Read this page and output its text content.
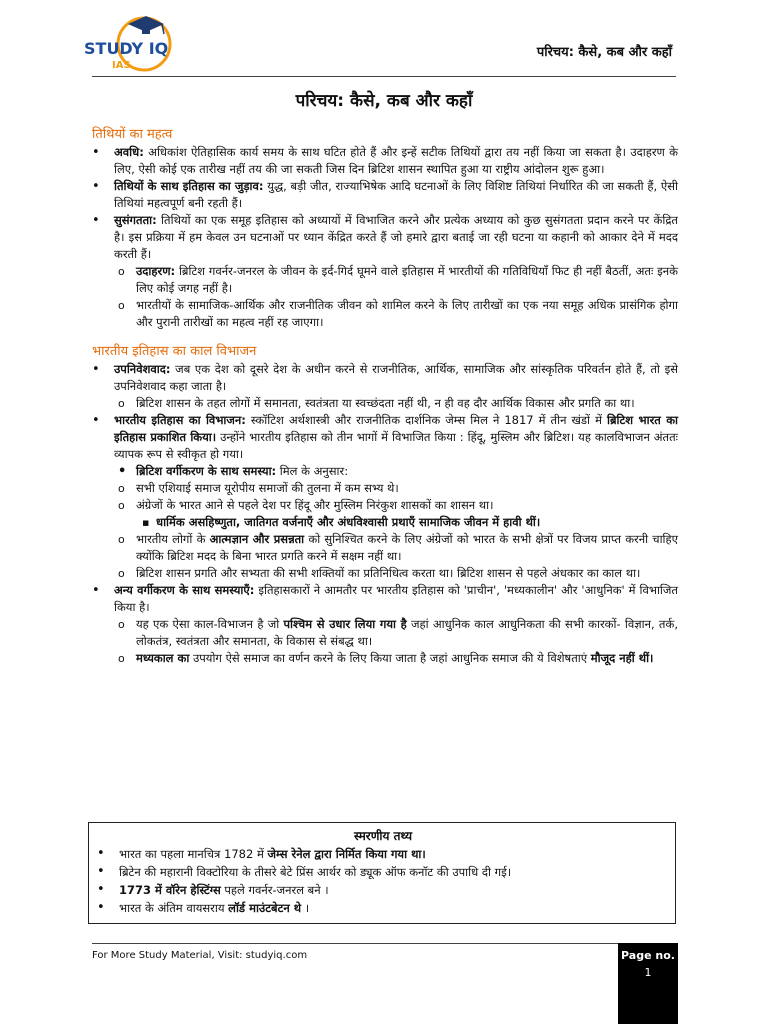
STUDY IQ
IAS
परिचय: कैसे, कब और कहाँ
परिचय: कैसे, कब और कहाँ
तिथियों का महत्व

• अवधि: अधिकांश ऐतिहासिक कार्य समय के साथ घटित होते हैं और इन्हें सटीक तिथियों द्वारा तय नहीं किया जा सकता है। उदाहरण के लिए, ऐसी कोई एक तारीख नहीं तय की जा सकती जिस दिन ब्रिटिश शासन स्थापित हुआ या राष्ट्रीय आंदोलन शुरू हुआ।

• तिथियों के साथ इतिहास का जुड़ाव: युद्ध, बड़ी जीत, राज्याभिषेक आदि घटनाओं के लिए विशिष्ट तिथियां निर्धारित की जा सकती हैं, ऐसी तिथियां महत्वपूर्ण बनी रहती हैं।

• सुसंगतता: तिथियों का एक समूह इतिहास को अध्यायों में विभाजित करने और प्रत्येक अध्याय को कुछ सुसंगतता प्रदान करने पर केंद्रित है। इस प्रक्रिया में हम केवल उन घटनाओं पर ध्यान केंद्रित करते हैं जो हमारे द्वारा बताई जा रही घटना या कहानी को आकार देने में मदद करती हैं।

o उदाहरण: ब्रिटिश गवर्नर-जनरल के जीवन के इर्द-गिर्द घूमने वाले इतिहास में भारतीयों की गतिविधियाँ फिट ही नहीं बैठतीं, अतः इनके लिए कोई जगह नहीं है।

o भारतीयों के सामाजिक-आर्थिक और राजनीतिक जीवन को शामिल करने के लिए तारीखों का एक नया समूह अधिक प्रासंगिक होगा और पुरानी तारीखों का महत्व नहीं रह जाएगा।

भारतीय इतिहास का काल विभाजन

• उपनिवेशवाद: जब एक देश को दूसरे देश के अधीन करने से राजनीतिक, आर्थिक, सामाजिक और सांस्कृतिक परिवर्तन होते हैं, तो इसे उपनिवेशवाद कहा जाता है।

o ब्रिटिश शासन के तहत लोगों में समानता, स्वतंत्रता या स्वच्छंदता नहीं थी, न ही वह दौर आर्थिक विकास और प्रगति का था।

• भारतीय इतिहास का विभाजन: स्कॉटिश अर्थशास्त्री और राजनीतिक दार्शनिक जेम्स मिल ने 1817 में तीन खंडों में ब्रिटिश भारत का इतिहास प्रकाशित किया। उन्होंने भारतीय इतिहास को तीन भागों में विभाजित किया : हिंदू, मुस्लिम और ब्रिटिश। यह कालविभाजन अंततः व्यापक रूप से स्वीकृत हो गया।

• ब्रिटिश वर्गीकरण के साथ समस्या: मिल के अनुसार:

o सभी एशियाई समाज यूरोपीय समाजों की तुलना में कम सभ्य थे।

o अंग्रेजों के भारत आने से पहले देश पर हिंदू और मुस्लिम निरंकुश शासकों का शासन था।

▪ धार्मिक असहिष्णुता, जातिगत वर्जनाएँ और अंधविश्वासी प्रथाएँ सामाजिक जीवन में हावी थीं।

o भारतीय लोगों के आत्मज्ञान और प्रसन्नता को सुनिश्चित करने के लिए अंग्रेजों को भारत के सभी क्षेत्रों पर विजय प्राप्त करनी चाहिए क्योंकि ब्रिटिश मदद के बिना भारत प्रगति करने में सक्षम नहीं था।

o ब्रिटिश शासन प्रगति और सभ्यता की सभी शक्तियों का प्रतिनिधित्व करता था। ब्रिटिश शासन से पहले अंधकार का काल था।

• अन्य वर्गीकरण के साथ समस्याएँ: इतिहासकारों ने आमतौर पर भारतीय इतिहास को 'प्राचीन', 'मध्यकालीन' और 'आधुनिक' में विभाजित किया है।

o यह एक ऐसा काल-विभाजन है जो पश्चिम से उधार लिया गया है जहां आधुनिक काल आधुनिकता की सभी कारकों- विज्ञान, तर्क, लोकतंत्र, स्वतंत्रता और समानता, के विकास से संबद्ध था।

o मध्यकाल का उपयोग ऐसे समाज का वर्णन करने के लिए किया जाता है जहां आधुनिक समाज की ये विशेषताएं मौजूद नहीं थीं।

स्मरणीय तथ्य

• भारत का पहला मानचित्र 1782 में जेम्स रेनेल द्वारा निर्मित किया गया था।

• ब्रिटेन की महारानी विक्टोरिया के तीसरे बेटे प्रिंस आर्थर को ड्यूक ऑफ कनॉट की उपाधि दी गई।

• 1773 में वॉरेन हेस्टिंग्स पहले गवर्नर-जनरल बने ।

• भारत के अंतिम वायसराय लॉर्ड माउंटबेटन थे ।

For More Study Material, Visit: studyiq.com	Page no.
1
